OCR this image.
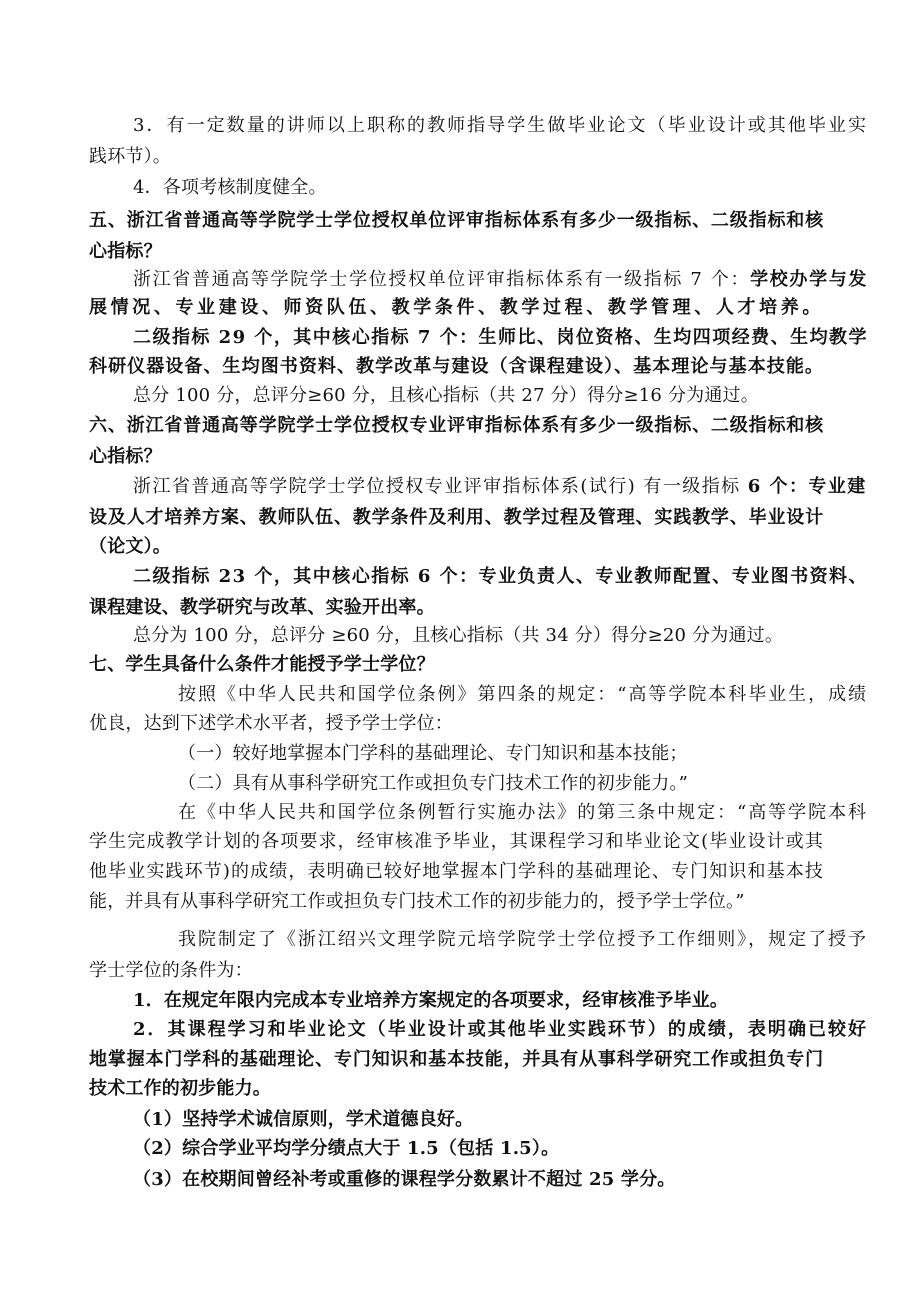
3．有一定数量的讲师以上职称的教师指导学生做毕业论文（毕业设计或其他毕业实
践环节）。
4．各项考核制度健全。
五、浙江省普通高等学院学士学位授权单位评审指标体系有多少一级指标、二级指标和核
心指标？
浙江省普通高等学院学士学位授权单位评审指标体系有一级指标 7 个：学校办学与发
展情况、专业建设、师资队伍、教学条件、教学过程、教学管理、人才培养。
二级指标 29 个，其中核心指标 7 个：生师比、岗位资格、生均四项经费、生均教学
科研仪器设备、生均图书资料、教学改革与建设（含课程建设）、基本理论与基本技能。
总分 100 分，总评分≥60 分，且核心指标（共 27 分）得分≥16 分为通过。
六、浙江省普通高等学院学士学位授权专业评审指标体系有多少一级指标、二级指标和核
心指标？
浙江省普通高等学院学士学位授权专业评审指标体系(试行) 有一级指标 6 个：专业建
设及人才培养方案、教师队伍、教学条件及利用、教学过程及管理、实践教学、毕业设计
（论文）。
二级指标 23 个，其中核心指标 6 个：专业负责人、专业教师配置、专业图书资料、
课程建设、教学研究与改革、实验开出率。
总分为 100 分，总评分 ≥60 分，且核心指标（共 34 分）得分≥20 分为通过。
七、学生具备什么条件才能授予学士学位？
按照《中华人民共和国学位条例》第四条的规定：“高等学院本科毕业生，成绩
优良，达到下述学术水平者，授予学士学位：
（一）较好地掌握本门学科的基础理论、专门知识和基本技能；
（二）具有从事科学研究工作或担负专门技术工作的初步能力。”
在《中华人民共和国学位条例暂行实施办法》的第三条中规定：“高等学院本科
学生完成教学计划的各项要求，经审核准予毕业，其课程学习和毕业论文(毕业设计或其
他毕业实践环节)的成绩，表明确已较好地掌握本门学科的基础理论、专门知识和基本技
能，并具有从事科学研究工作或担负专门技术工作的初步能力的，授予学士学位。”
我院制定了《浙江绍兴文理学院元培学院学士学位授予工作细则》，规定了授予
学士学位的条件为：
1．在规定年限内完成本专业培养方案规定的各项要求，经审核准予毕业。
2．其课程学习和毕业论文（毕业设计或其他毕业实践环节）的成绩，表明确已较好
地掌握本门学科的基础理论、专门知识和基本技能，并具有从事科学研究工作或担负专门
技术工作的初步能力。
（1）坚持学术诚信原则，学术道德良好。
（2）综合学业平均学分绩点大于 1.5（包括 1.5）。
（3）在校期间曾经补考或重修的课程学分数累计不超过 25 学分。
